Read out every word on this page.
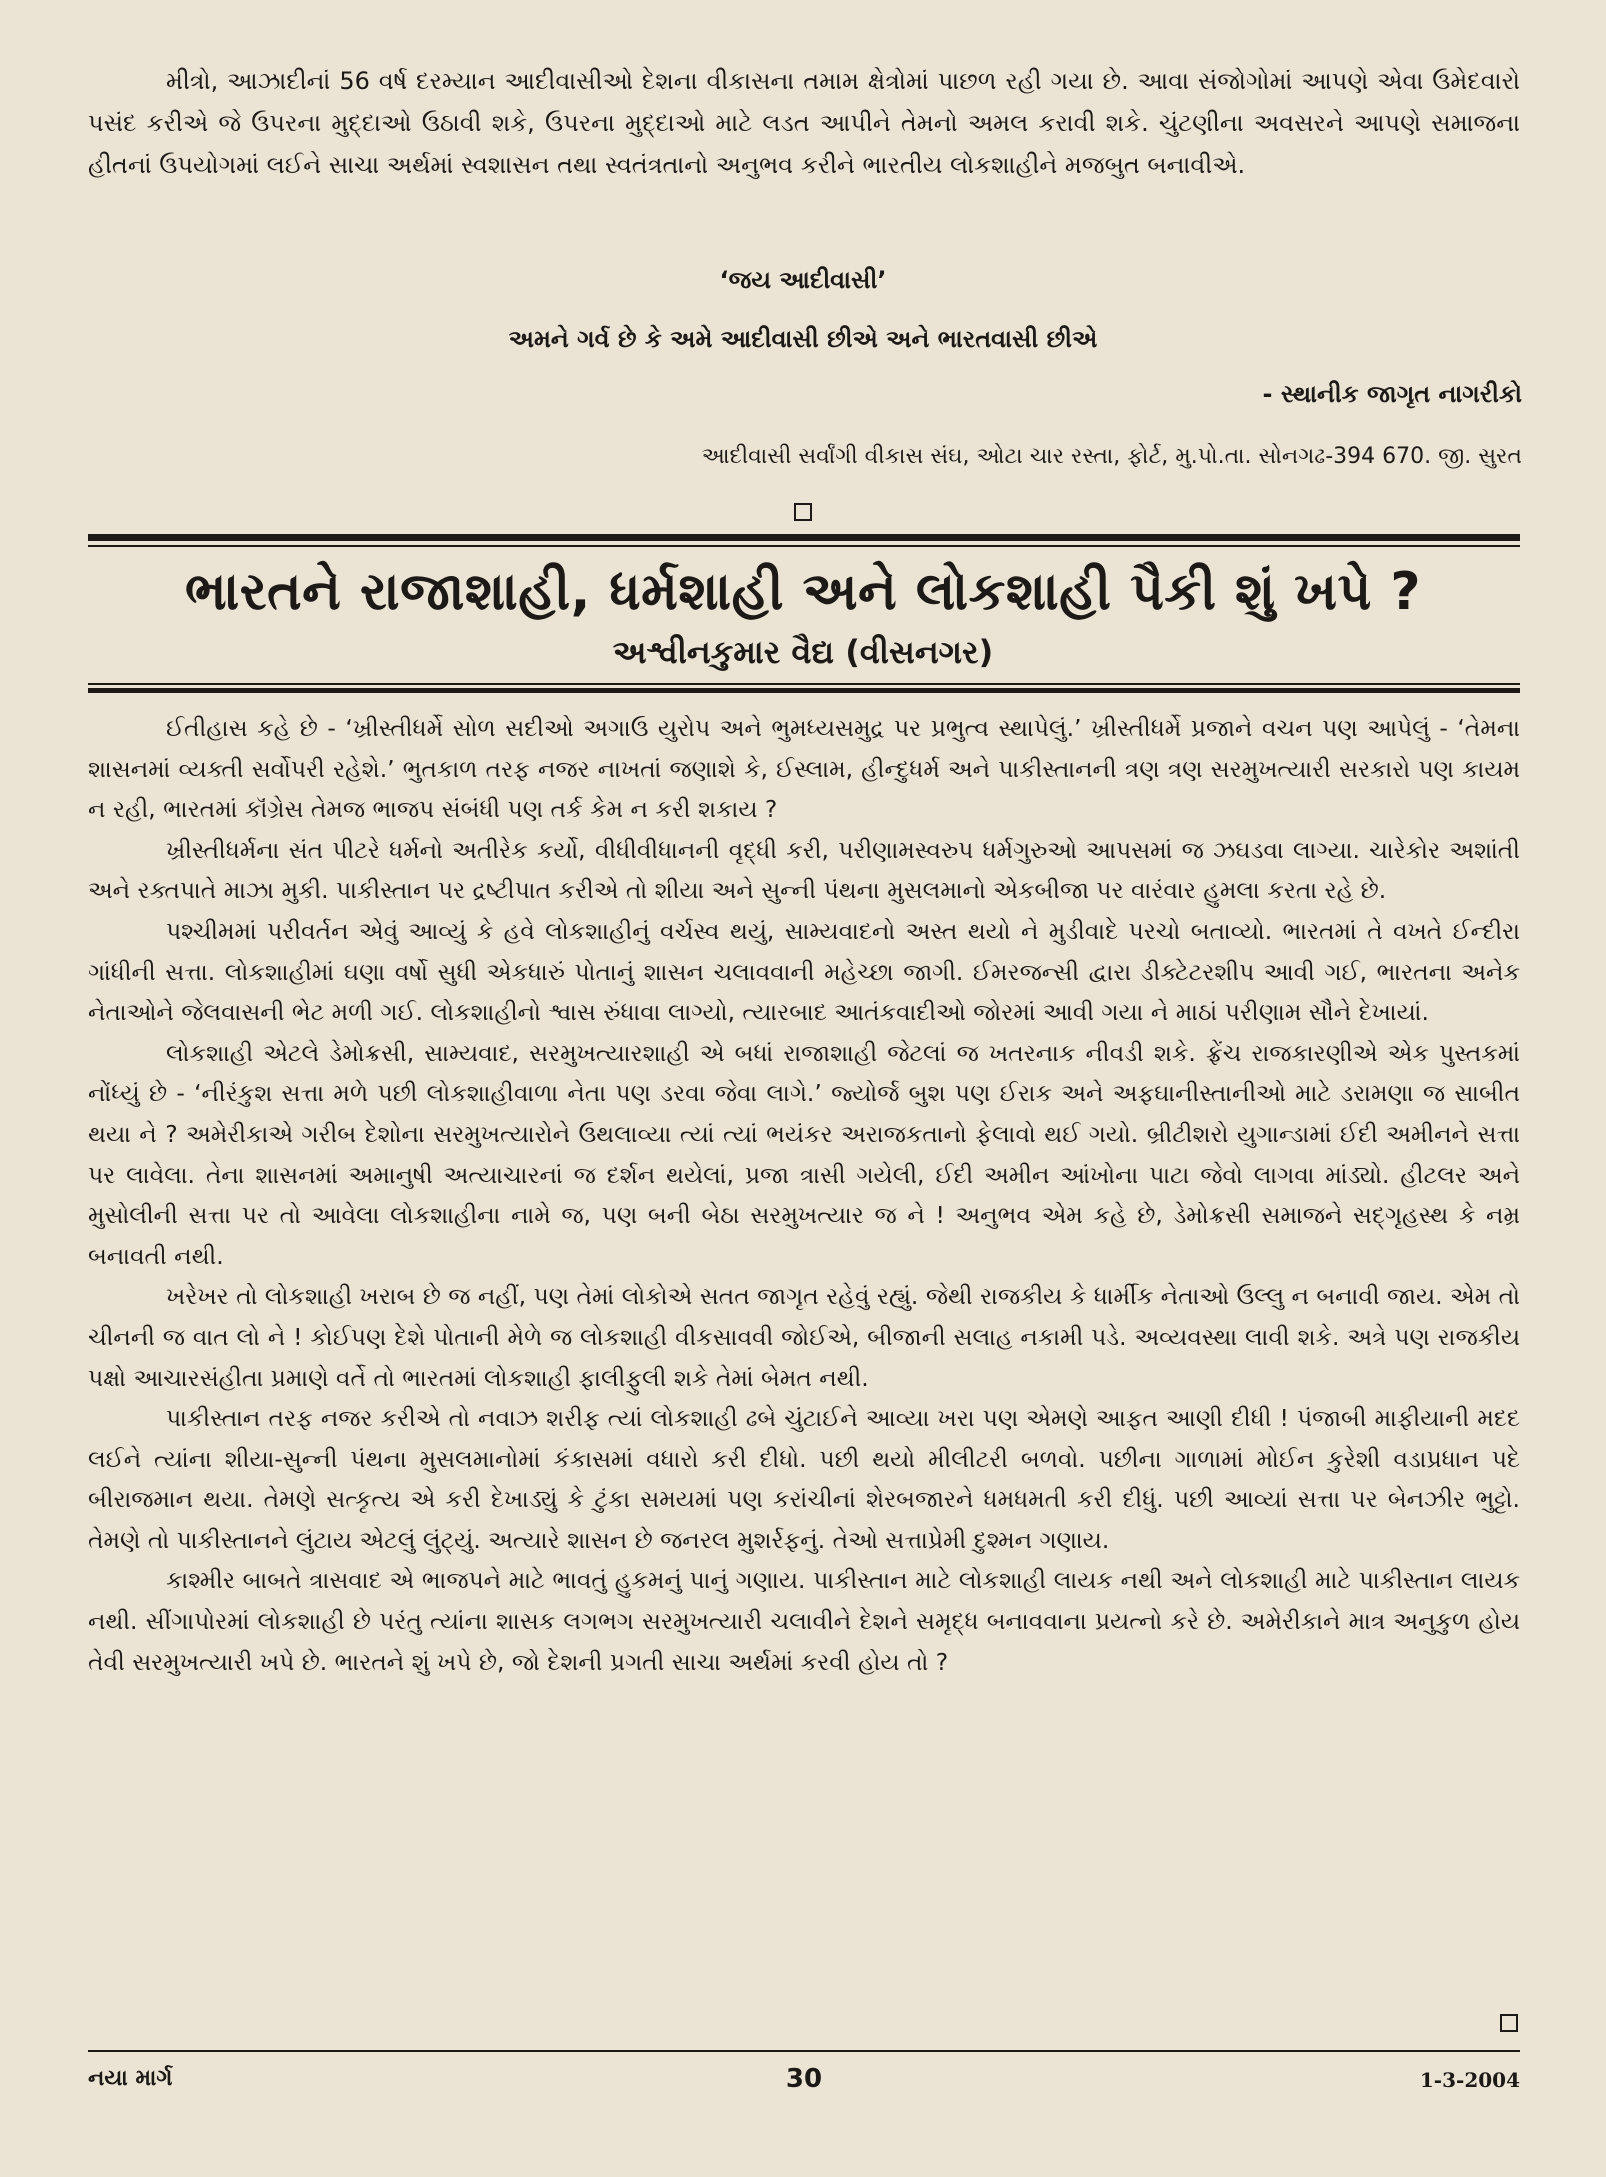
મીત્રો, આઝાદીનાં 56 વર્ષ દરમ્યાન આદીવાસીઓ દેશના વીકાસના તમામ ક્ષેત્રોમાં પાછળ રહી ગયા છે. આવા સંજોગોમાં આપણે એવા ઉમેદવારો પસંદ કરીએ જે ઉપરના મુદ્દાઓ ઉઠાવી શકે, ઉપરના મુદ્દાઓ માટે લડત આપીને તેમનો અમલ કરાવી શકે. ચુંટણીના અવસરને આપણે સમાજના હીતનાં ઉપયોગમાં લઈને સાચા અર્થમાં સ્વશાસન તથા સ્વતંત્રતાનો અનુભવ કરીને ભારતીય લોકશાહીને મજબુત બનાવીએ.

‘જય આદીવાસી’
અમને ગર્વ છે કે અમે આદીવાસી છીએ અને ભારતવાસી છીએ
- સ્થાનીક જાગૃત નાગરીકો
આદીવાસી સર્વાંગી વીકાસ સંઘ, ઓટા ચાર રસ્તા, ફોર્ટ, મુ.પો.તા. સોનગઢ-394 670. જી. સુરત
ભારતને રાજાશાહી, ધર્મશાહી અને લોકશાહી પૈકી શું ખપે ?
અશ્વીનકુમાર વૈદ્ય (વીસનગર)

ઈતીહાસ કહે છે - ‘ખ્રીસ્તીધર્મે સોળ સદીઓ અગાઉ યુરોપ અને ભુમધ્યસમુદ્ર પર પ્રભુત્વ સ્થાપેલું.’ ખ્રીસ્તીધર્મે પ્રજાને વચન પણ આપેલું - ‘તેમના શાસનમાં વ્યક્તી સર્વોપરી રહેશે.’ ભુતકાળ તરફ નજર નાખતાં જણાશે કે, ઈસ્લામ, હીન્દુધર્મ અને પાકીસ્તાનની ત્રણ ત્રણ સરમુખત્યારી સરકારો પણ કાયમ ન રહી, ભારતમાં કૉંગ્રેસ તેમજ ભાજપ સંબંધી પણ તર્ક કેમ ન કરી શકાય ?

ખ્રીસ્તીધર્મના સંત પીટરે ધર્મનો અતીરેક કર્યો, વીધીવીધાનની વૃદ્ધી કરી, પરીણામસ્વરુપ ધર્મગુરુઓ આપસમાં જ ઝઘડવા લાગ્યા. ચારેકોર અશાંતી અને રક્તપાતે માઝા મુકી. પાકીસ્તાન પર દ્રષ્ટીપાત કરીએ તો શીયા અને સુન્ની પંથના મુસલમાનો એકબીજા પર વારંવાર હુમલા કરતા રહે છે.

પશ્ચીમમાં પરીવર્તન એવું આવ્યું કે હવે લોકશાહીનું વર્ચસ્વ થયું, સામ્યવાદનો અસ્ત થયો ને મુડીવાદે પરચો બતાવ્યો. ભારતમાં તે વખતે ઈન્દીરા ગાંધીની સત્તા. લોકશાહીમાં ઘણા વર્ષો સુધી એકધારું પોતાનું શાસન ચલાવવાની મહેચ્છા જાગી. ઈમરજન્સી દ્વારા ડીક્ટેટરશીપ આવી ગઈ, ભારતના અનેક નેતાઓને જેલવાસની ભેટ મળી ગઈ. લોકશાહીનો શ્વાસ રુંધાવા લાગ્યો, ત્યારબાદ આતંકવાદીઓ જોરમાં આવી ગયા ને માઠાં પરીણામ સૌને દેખાયાં.

લોકશાહી એટલે ડેમોક્રસી, સામ્યવાદ, સરમુખત્યારશાહી એ બધાં રાજાશાહી જેટલાં જ ખતરનાક નીવડી શકે. ફ્રેંચ રાજકારણીએ એક પુસ્તકમાં નોંધ્યું છે - ‘નીરંકુશ સત્તા મળે પછી લોકશાહીવાળા નેતા પણ ડરવા જેવા લાગે.’ જ્યોર્જ બુશ પણ ઈરાક અને અફઘાનીસ્તાનીઓ માટે ડરામણા જ સાબીત થયા ને ? અમેરીકાએ ગરીબ દેશોના સરમુખત્યારોને ઉથલાવ્યા ત્યાં ત્યાં ભયંકર અરાજકતાનો ફેલાવો થઈ ગયો. બ્રીટીશરો યુગાન્ડામાં ઈદી અમીનને સત્તા પર લાવેલા. તેના શાસનમાં અમાનુષી અત્યાચારનાં જ દર્શન થયેલાં, પ્રજા ત્રાસી ગયેલી, ઈદી અમીન આંખોના પાટા જેવો લાગવા માંડ્યો. હીટલર અને મુસોલીની સત્તા પર તો આવેલા લોકશાહીના નામે જ, પણ બની બેઠા સરમુખત્યાર જ ને ! અનુભવ એમ કહે છે, ડેમોક્રસી સમાજને સદ્ગૃહસ્થ કે નમ્ર બનાવતી નથી.

ખરેખર તો લોકશાહી ખરાબ છે જ નહીં, પણ તેમાં લોકોએ સતત જાગૃત રહેવું રહ્યું. જેથી રાજકીય કે ધાર્મીક નેતાઓ ઉલ્લુ ન બનાવી જાય. એમ તો ચીનની જ વાત લો ને ! કોઈપણ દેશે પોતાની મેળે જ લોકશાહી વીકસાવવી જોઈએ, બીજાની સલાહ નકામી પડે. અવ્યવસ્થા લાવી શકે. અત્રે પણ રાજકીય પક્ષો આચારસંહીતા પ્રમાણે વર્તે તો ભારતમાં લોકશાહી ફાલીફુલી શકે તેમાં બેમત નથી.

પાકીસ્તાન તરફ નજર કરીએ તો નવાઝ શરીફ ત્યાં લોકશાહી ઢબે ચુંટાઈને આવ્યા ખરા પણ એમણે આફત આણી દીધી ! પંજાબી માફીયાની મદદ લઈને ત્યાંના શીયા-સુન્ની પંથના મુસલમાનોમાં કંકાસમાં વધારો કરી દીધો. પછી થયો મીલીટરી બળવો. પછીના ગાળામાં મોઈન કુરેશી વડાપ્રધાન પદે બીરાજમાન થયા. તેમણે સત્કૃત્ય એ કરી દેખાડ્યું કે ટુંકા સમયમાં પણ કરાંચીનાં શેરબજારને ધમધમતી કરી દીધું. પછી આવ્યાં સત્તા પર બેનઝીર ભુટ્ટો. તેમણે તો પાકીસ્તાનને લુંટાય એટલું લુંટ્યું. અત્યારે શાસન છે જનરલ મુશર્રફનું. તેઓ સત્તાપ્રેમી દુશ્મન ગણાય.

કાશ્મીર બાબતે ત્રાસવાદ એ ભાજપને માટે ભાવતું હુકમનું પાનું ગણાય. પાકીસ્તાન માટે લોકશાહી લાયક નથી અને લોકશાહી માટે પાકીસ્તાન લાયક નથી. સીંગાપોરમાં લોકશાહી છે પરંતુ ત્યાંના શાસક લગભગ સરમુખત્યારી ચલાવીને દેશને સમૃદ્ધ બનાવવાના પ્રયત્નો કરે છે. અમેરીકાને માત્ર અનુકુળ હોય તેવી સરમુખત્યારી ખપે છે. ભારતને શું ખપે છે, જો દેશની પ્રગતી સાચા અર્થમાં કરવી હોય તો ?

નયા માર્ગ	30	1-3-2004
